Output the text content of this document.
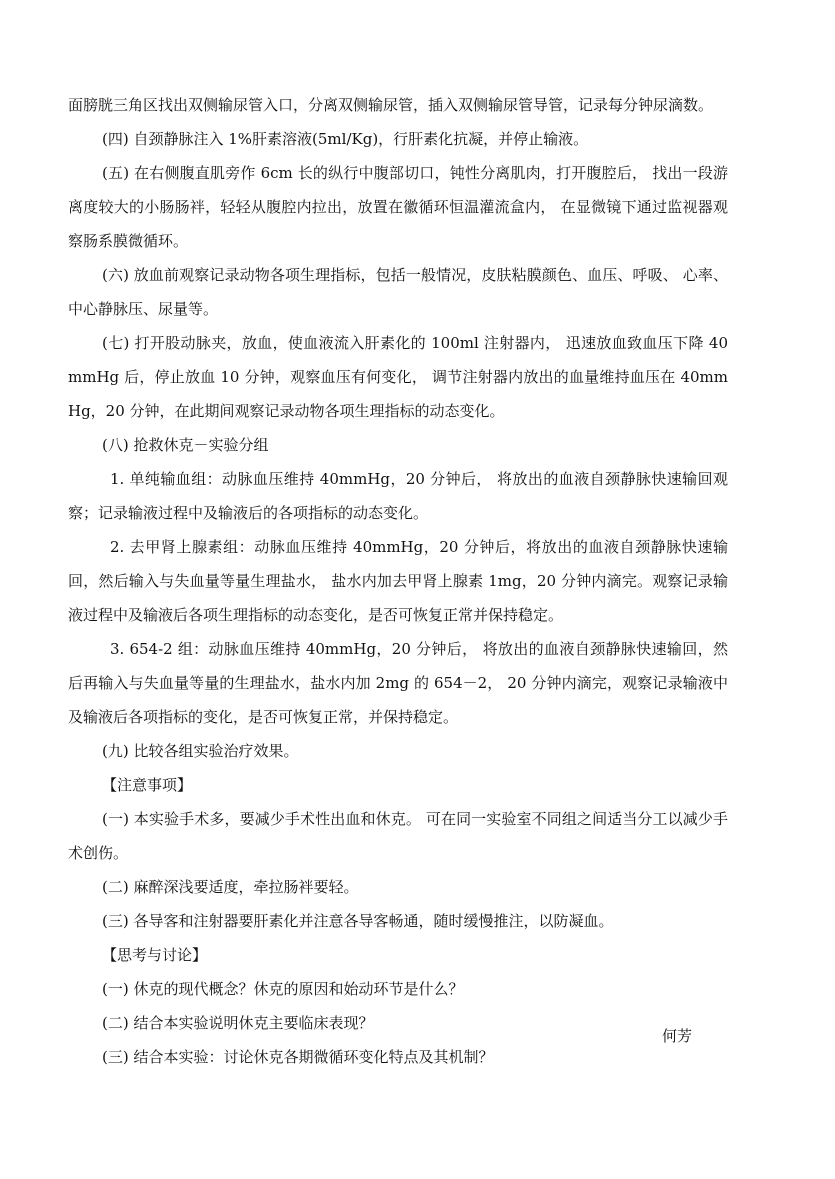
面膀胱三角区找出双侧输尿管入口，分离双侧输尿管，插入双侧输尿管导管，记录每分钟尿滴数。

(四) 自颈静脉注入 1%肝素溶液(5ml/Kg)，行肝素化抗凝，并停止输液。

(五) 在右侧腹直肌旁作 6cm 长的纵行中腹部切口，钝性分离肌肉，打开腹腔后， 找出一段游离度较大的小肠肠袢，轻轻从腹腔内拉出，放置在徽循环恒温灌流盒内， 在显微镜下通过监视器观察肠系膜微循环。

(六) 放血前观察记录动物各项生理指标，包括一般情况，皮肤粘膜颜色、血压、呼吸、 心率、中心静脉压、尿量等。

(七) 打开股动脉夹，放血，使血液流入肝素化的 100ml 注射器内， 迅速放血致血压下降 40mmHg 后，停止放血 10 分钟，观察血压有何变化， 调节注射器内放出的血量维持血压在 40mmHg，20 分钟，在此期间观察记录动物各项生理指标的动态变化。

(八) 抢救休克－实验分组

1. 单纯输血组：动脉血压维持 40mmHg，20 分钟后， 将放出的血液自颈静脉快速输回观察；记录输液过程中及输液后的各项指标的动态变化。

2. 去甲肾上腺素组：动脉血压维持 40mmHg，20 分钟后，将放出的血液自颈静脉快速输回，然后输入与失血量等量生理盐水， 盐水内加去甲肾上腺素 1mg，20 分钟内滴完。观察记录输液过程中及输液后各项生理指标的动态变化，是否可恢复正常并保持稳定。

3. 654-2 组：动脉血压维持 40mmHg，20 分钟后， 将放出的血液自颈静脉快速输回，然后再输入与失血量等量的生理盐水，盐水内加 2mg 的 654－2， 20 分钟内滴完，观察记录输液中及输液后各项指标的变化，是否可恢复正常，并保持稳定。

(九) 比较各组实验治疗效果。

【注意事项】

(一) 本实验手术多，要减少手术性出血和休克。 可在同一实验室不同组之间适当分工以减少手术创伤。

(二) 麻醉深浅要适度，牵拉肠袢要轻。

(三) 各导客和注射器要肝素化并注意各导客畅通，随时缓慢推注，以防凝血。

【思考与讨论】

(一) 休克的现代概念？休克的原因和始动环节是什么？

(二) 结合本实验说明休克主要临床表现？

(三) 结合本实验：讨论休克各期微循环变化特点及其机制？

何芳
